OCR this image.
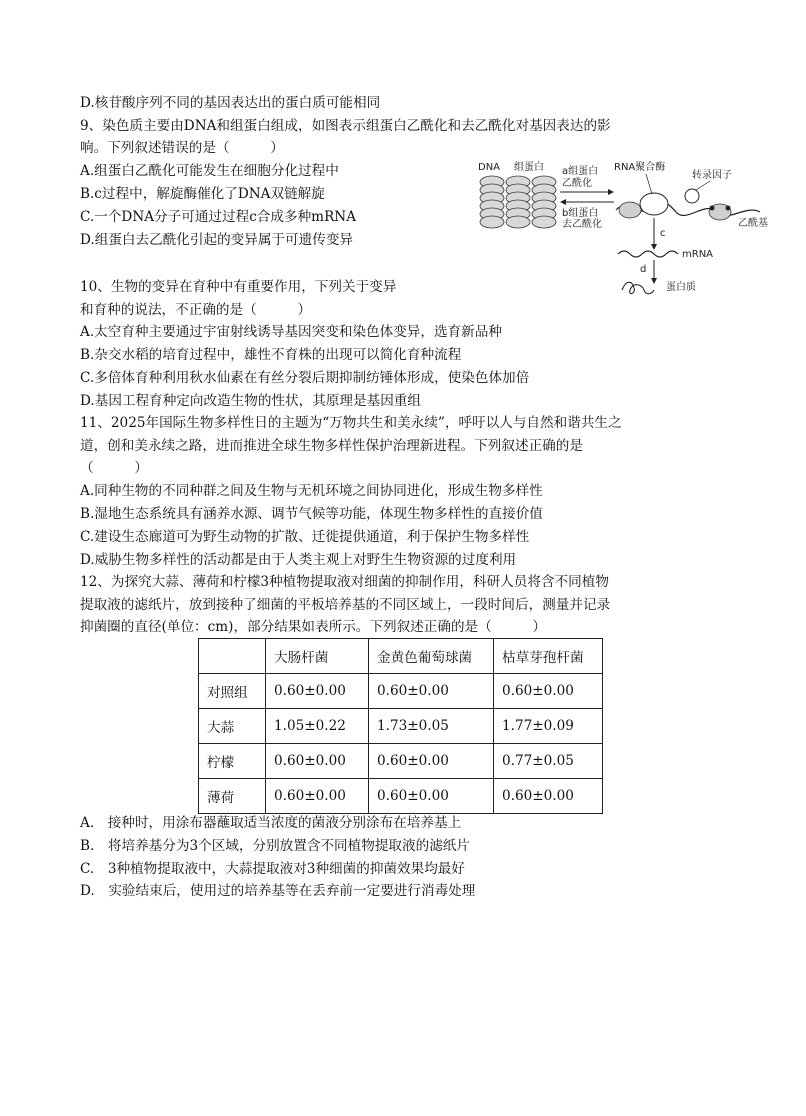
D.核苷酸序列不同的基因表达出的蛋白质可能相同
9、染色质主要由DNA和组蛋白组成，如图表示组蛋白乙酰化和去乙酰化对基因表达的影
响。下列叙述错误的是（　　　）
A.组蛋白乙酰化可能发生在细胞分化过程中
B.c过程中，解旋酶催化了DNA双链解旋
C.一个DNA分子可通过过程c合成多种mRNA
D.组蛋白去乙酰化引起的变异属于可遗传变异
10、生物的变异在育种中有重要作用，下列关于变异
和育种的说法，不正确的是（　　　）
A.太空育种主要通过宇宙射线诱导基因突变和染色体变异，选育新品种
B.杂交水稻的培育过程中，雄性不育株的出现可以简化育种流程
C.多倍体育种利用秋水仙素在有丝分裂后期抑制纺锤体形成，使染色体加倍
D.基因工程育种定向改造生物的性状，其原理是基因重组
11、2025年国际生物多样性日的主题为“万物共生和美永续”，呼吁以人与自然和谐共生之
道，创和美永续之路，进而推进全球生物多样性保护治理新进程。下列叙述正确的是
（　　　）
A.同种生物的不同种群之间及生物与无机环境之间协同进化，形成生物多样性
B.湿地生态系统具有涵养水源、调节气候等功能，体现生物多样性的直接价值
C.建设生态廊道可为野生动物的扩散、迁徙提供通道，利于保护生物多样性
D.威胁生物多样性的活动都是由于人类主观上对野生生物资源的过度利用
12、为探究大蒜、薄荷和柠檬3种植物提取液对细菌的抑制作用，科研人员将含不同植物
提取液的滤纸片，放到接种了细菌的平板培养基的不同区域上，一段时间后，测量并记录
抑菌圈的直径(单位：cm)，部分结果如表所示。下列叙述正确的是（　　　）
DNA 组蛋白 a组蛋白
乙酰化
b组蛋白
去乙酰化
RNA聚合酶
转录因子
乙酰基
c
mRNA
d
蛋白质
	大肠杆菌	金黄色葡萄球菌	枯草芽孢杆菌
对照组	0.60±0.00	0.60±0.00	0.60±0.00
大蒜	1.05±0.22	1.73±0.05	1.77±0.09
柠檬	0.60±0.00	0.60±0.00	0.77±0.05
薄荷	0.60±0.00	0.60±0.00	0.60±0.00
A.　接种时，用涂布器蘸取适当浓度的菌液分别涂布在培养基上
B.　将培养基分为3个区域，分别放置含不同植物提取液的滤纸片
C.　3种植物提取液中，大蒜提取液对3种细菌的抑菌效果均最好
D.　实验结束后，使用过的培养基等在丢弃前一定要进行消毒处理
